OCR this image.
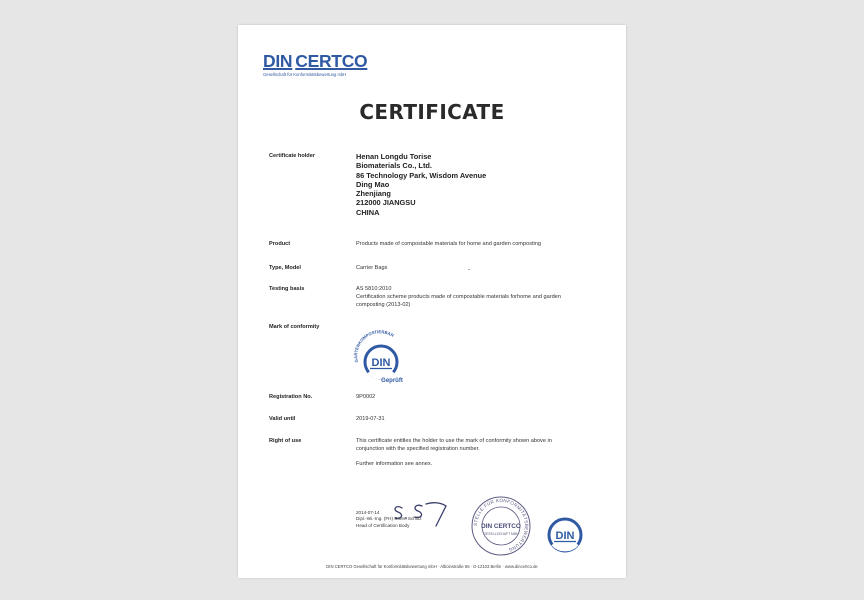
DIN CERTCO
Gesellschaft für Konformitätsbewertung mbH
CERTIFICATE
Certificate holder	Henan Longdu Torise
Biomaterials Co., Ltd.
86 Technology Park, Wisdom Avenue
Ding Mao
Zhenjiang
212000 JIANGSU
CHINA
Product	Products made of compostable materials for home and garden composting
Type, Model	Carrier Bags
Testing basis	AS 5810:2010
Certification scheme products made of compostable materials forhome and garden
composting (2013-02)
Mark of conformity
GARTENKOMPOSTIERBAR
DIN
Geprüft
Registration No.	9P0002
Valid until	2019-07-31
Right of use	This certificate entitles the holder to use the mark of conformity shown above in
conjunction with the specified registration number.
Further information see annex.
2014-07-14
Dipl.-Wi.-Ing. (FH) Sören Scholz
Head of Certification Body	STELLE FÜR KONFORMITÄTSBEWERTUNG
DIN CERTCO
GESELLSCHAFT MBH	DIN
DIN CERTCO Gesellschaft für Konformitätsbewertung mbH · Alboinstraße 56 · D-12103 Berlin · www.dincertco.de
